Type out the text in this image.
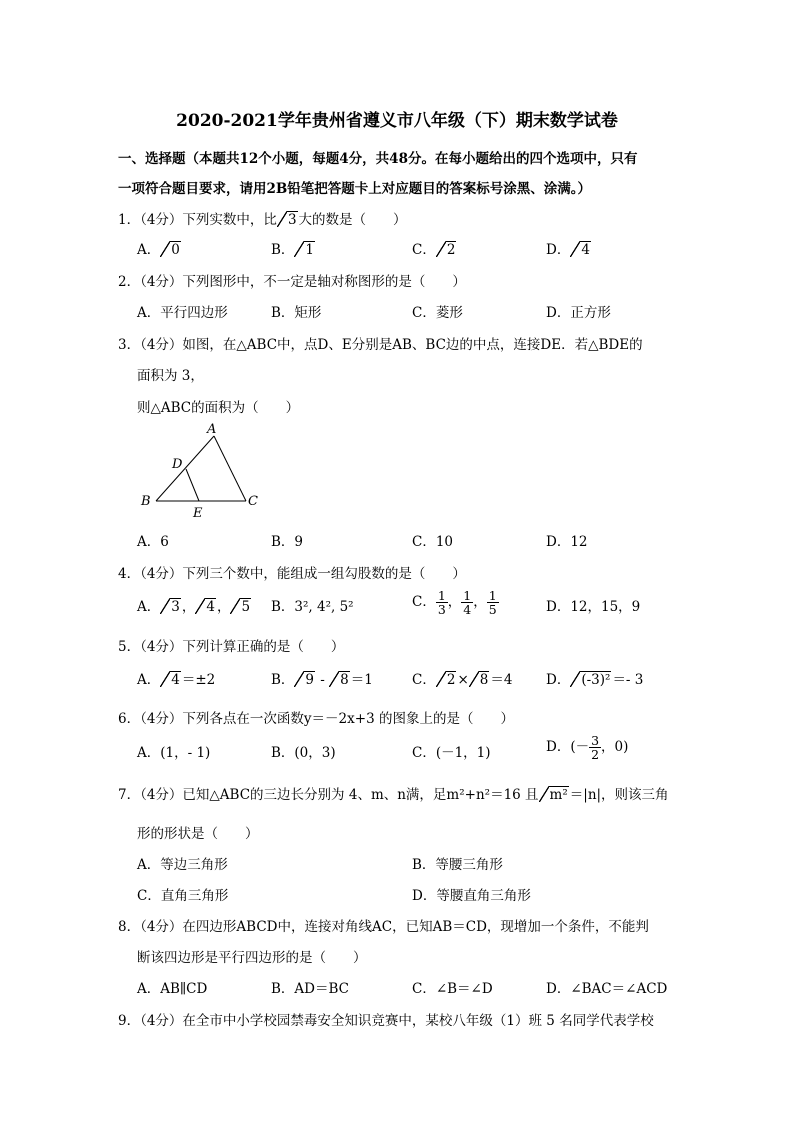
2020-2021学年贵州省遵义市八年级（下）期末数学试卷
一、选择题（本题共12个小题，每题4分，共48分。在每小题给出的四个选项中，只有
一项符合题目要求，请用2B铅笔把答题卡上对应题目的答案标号涂黑、涂满。）
1．（4分）下列实数中，比 3 大的数是（　　）
A． 0	B． 1	C． 2	D． 4
2．（4分）下列图形中，不一定是轴对称图形的是（　　）
A．平行四边形	B．矩形	C．菱形	D．正方形
3．（4分）如图，在△ABC中，点D、E分别是AB、BC边的中点，连接DE．若△BDE的
面积为 3，
则△ABC的面积为（　　）
A
B	C
D
E
A．6	B．9	C．10	D．12
4．（4分）下列三个数中，能组成一组勾股数的是（　　）
A． 3 ， 4 ， 5 B．3², 4², 5²	C． $\frac{1}{3}$ ， $\frac{1}{4}$ ， $\frac{1}{5}$	D．12，15，9
5．（4分）下列计算正确的是（　　）
A． 4 ＝±2	B． 9 - 8 ＝1	C． 2 × 8 ＝4 D． (-3)² ＝- 3
6．（4分）下列各点在一次函数y＝－2x+3 的图象上的是（　　）
A．(1，- 1)	B．(0，3)	C．(－1，1)	D．(－ $\frac{3}{2}$ ，0)
7．（4分）已知△ABC的三边长分别为 4、m、n满，足m²+n²＝16 且 m² ＝|n|，则该三角
形的形状是（　　）
A．等边三角形	B．等腰三角形
C．直角三角形	D．等腰直角三角形
8．（4分）在四边形ABCD中，连接对角线AC，已知AB＝CD，现增加一个条件，不能判
断该四边形是平行四边形的是（　　）
A．AB∥CD	B．AD＝BC	C．∠B＝∠D	D．∠BAC＝∠ACD
9．（4分）在全市中小学校园禁毒安全知识竞赛中，某校八年级（1）班 5 名同学代表学校
